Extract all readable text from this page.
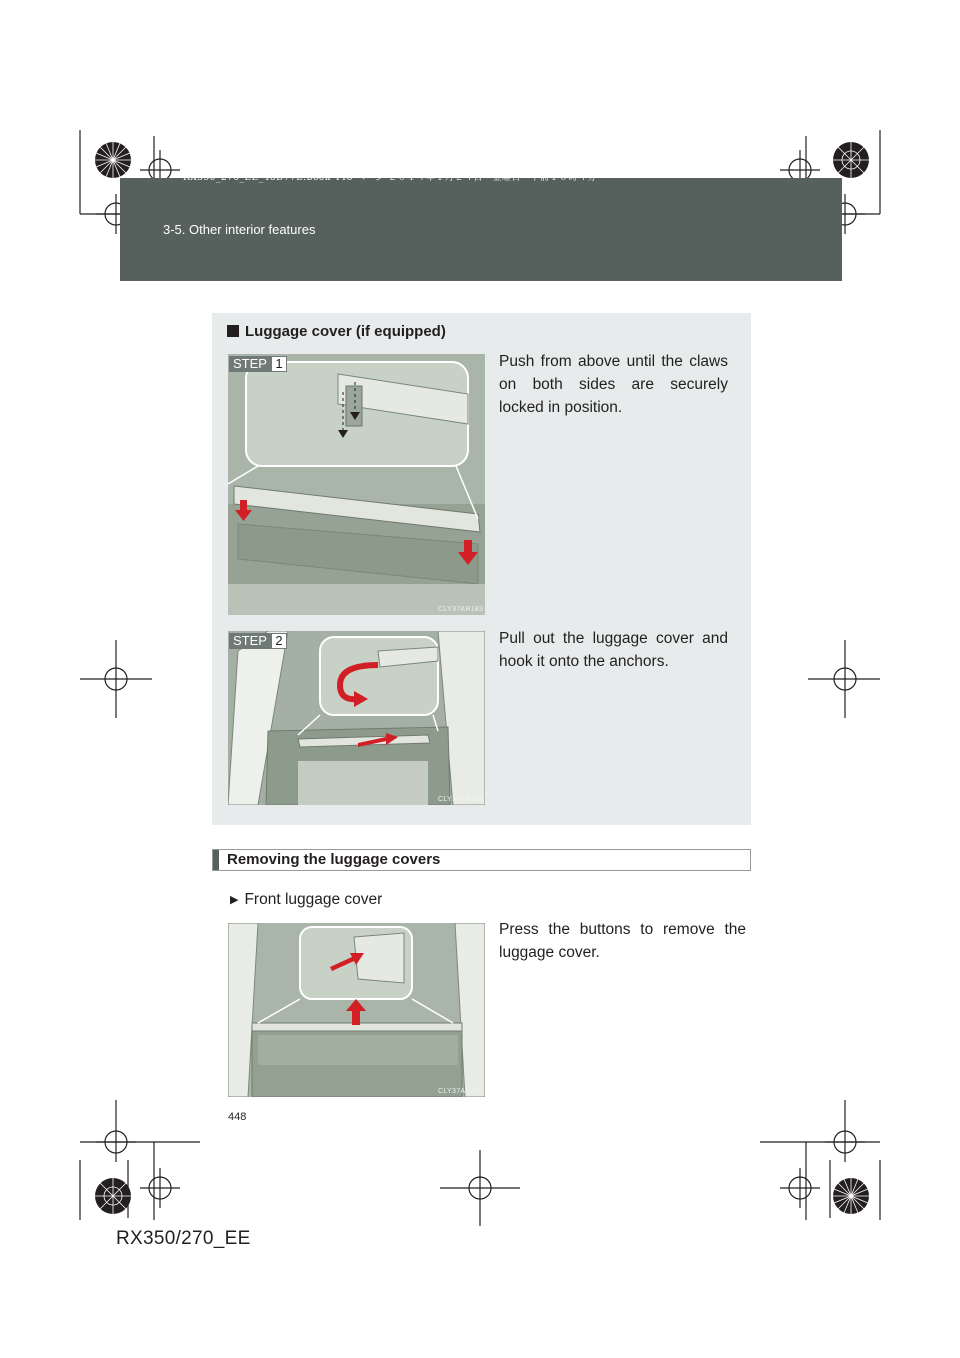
RX350_270_EE_48D77E.book 448 ページ ２０１４年１月２４日　金曜日　午前１０時４分
3-5. Other interior features
Luggage cover (if equipped)
CLY37AR183
STEP 1	Push from above until the claws on both sides are securely locked in position.
CLY37AR184
STEP 2	Pull out the luggage cover and hook it onto the anchors.
Removing the luggage covers
▶ Front luggage cover
CLY37AR185
Press the buttons to remove the luggage cover.
448
RX350/270_EE
